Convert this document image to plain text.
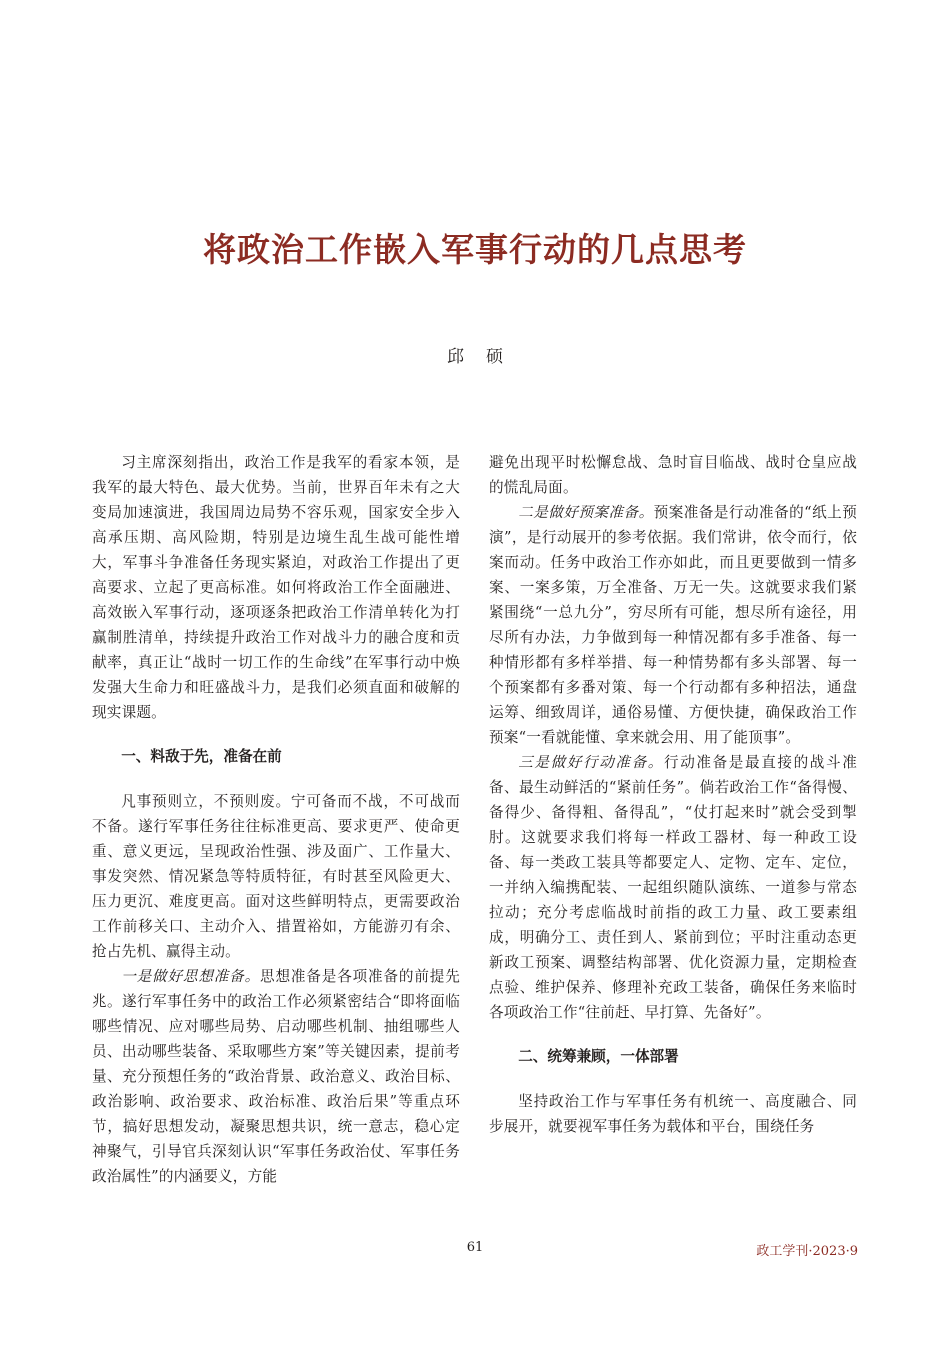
将政治工作嵌入军事行动的几点思考
邱硕

习主席深刻指出，政治工作是我军的看家本领，是我军的最大特色、最大优势。当前，世界百年未有之大变局加速演进，我国周边局势不容乐观，国家安全步入高承压期、高风险期，特别是边境生乱生战可能性增大，军事斗争准备任务现实紧迫，对政治工作提出了更高要求、立起了更高标准。如何将政治工作全面融进、高效嵌入军事行动，逐项逐条把政治工作清单转化为打赢制胜清单，持续提升政治工作对战斗力的融合度和贡献率，真正让“战时一切工作的生命线”在军事行动中焕发强大生命力和旺盛战斗力，是我们必须直面和破解的现实课题。

一、料敌于先，准备在前

凡事预则立，不预则废。宁可备而不战，不可战而不备。遂行军事任务往往标准更高、要求更严、使命更重、意义更远，呈现政治性强、涉及面广、工作量大、事发突然、情况紧急等特质特征，有时甚至风险更大、压力更沉、难度更高。面对这些鲜明特点，更需要政治工作前移关口、主动介入、措置裕如，方能游刃有余、抢占先机、赢得主动。

一是做好思想准备。思想准备是各项准备的前提先兆。遂行军事任务中的政治工作必须紧密结合“即将面临哪些情况、应对哪些局势、启动哪些机制、抽组哪些人员、出动哪些装备、采取哪些方案”等关键因素，提前考量、充分预想任务的“政治背景、政治意义、政治目标、政治影响、政治要求、政治标准、政治后果”等重点环节，搞好思想发动，凝聚思想共识，统一意志，稳心定神聚气，引导官兵深刻认识“军事任务政治仗、军事任务政治属性”的内涵要义，方能

避免出现平时松懈怠战、急时盲目临战、战时仓皇应战的慌乱局面。

二是做好预案准备。预案准备是行动准备的“纸上预演”，是行动展开的参考依据。我们常讲，依令而行，依案而动。任务中政治工作亦如此，而且更要做到一情多案、一案多策，万全准备、万无一失。这就要求我们紧紧围绕“一总九分”，穷尽所有可能，想尽所有途径，用尽所有办法，力争做到每一种情况都有多手准备、每一种情形都有多样举措、每一种情势都有多头部署、每一个预案都有多番对策、每一个行动都有多种招法，通盘运筹、细致周详，通俗易懂、方便快捷，确保政治工作预案“一看就能懂、拿来就会用、用了能顶事”。

三是做好行动准备。行动准备是最直接的战斗准备、最生动鲜活的“紧前任务”。倘若政治工作“备得慢、备得少、备得粗、备得乱”，“仗打起来时”就会受到掣肘。这就要求我们将每一样政工器材、每一种政工设备、每一类政工装具等都要定人、定物、定车、定位，一并纳入编携配装、一起组织随队演练、一道参与常态拉动；充分考虑临战时前指的政工力量、政工要素组成，明确分工、责任到人、紧前到位；平时注重动态更新政工预案、调整结构部署、优化资源力量，定期检查点验、维护保养、修理补充政工装备，确保任务来临时各项政治工作“往前赶、早打算、先备好”。

二、统筹兼顾，一体部署

坚持政治工作与军事任务有机统一、高度融合、同步展开，就要视军事任务为载体和平台，围绕任务

61	政工学刊·2023·9
